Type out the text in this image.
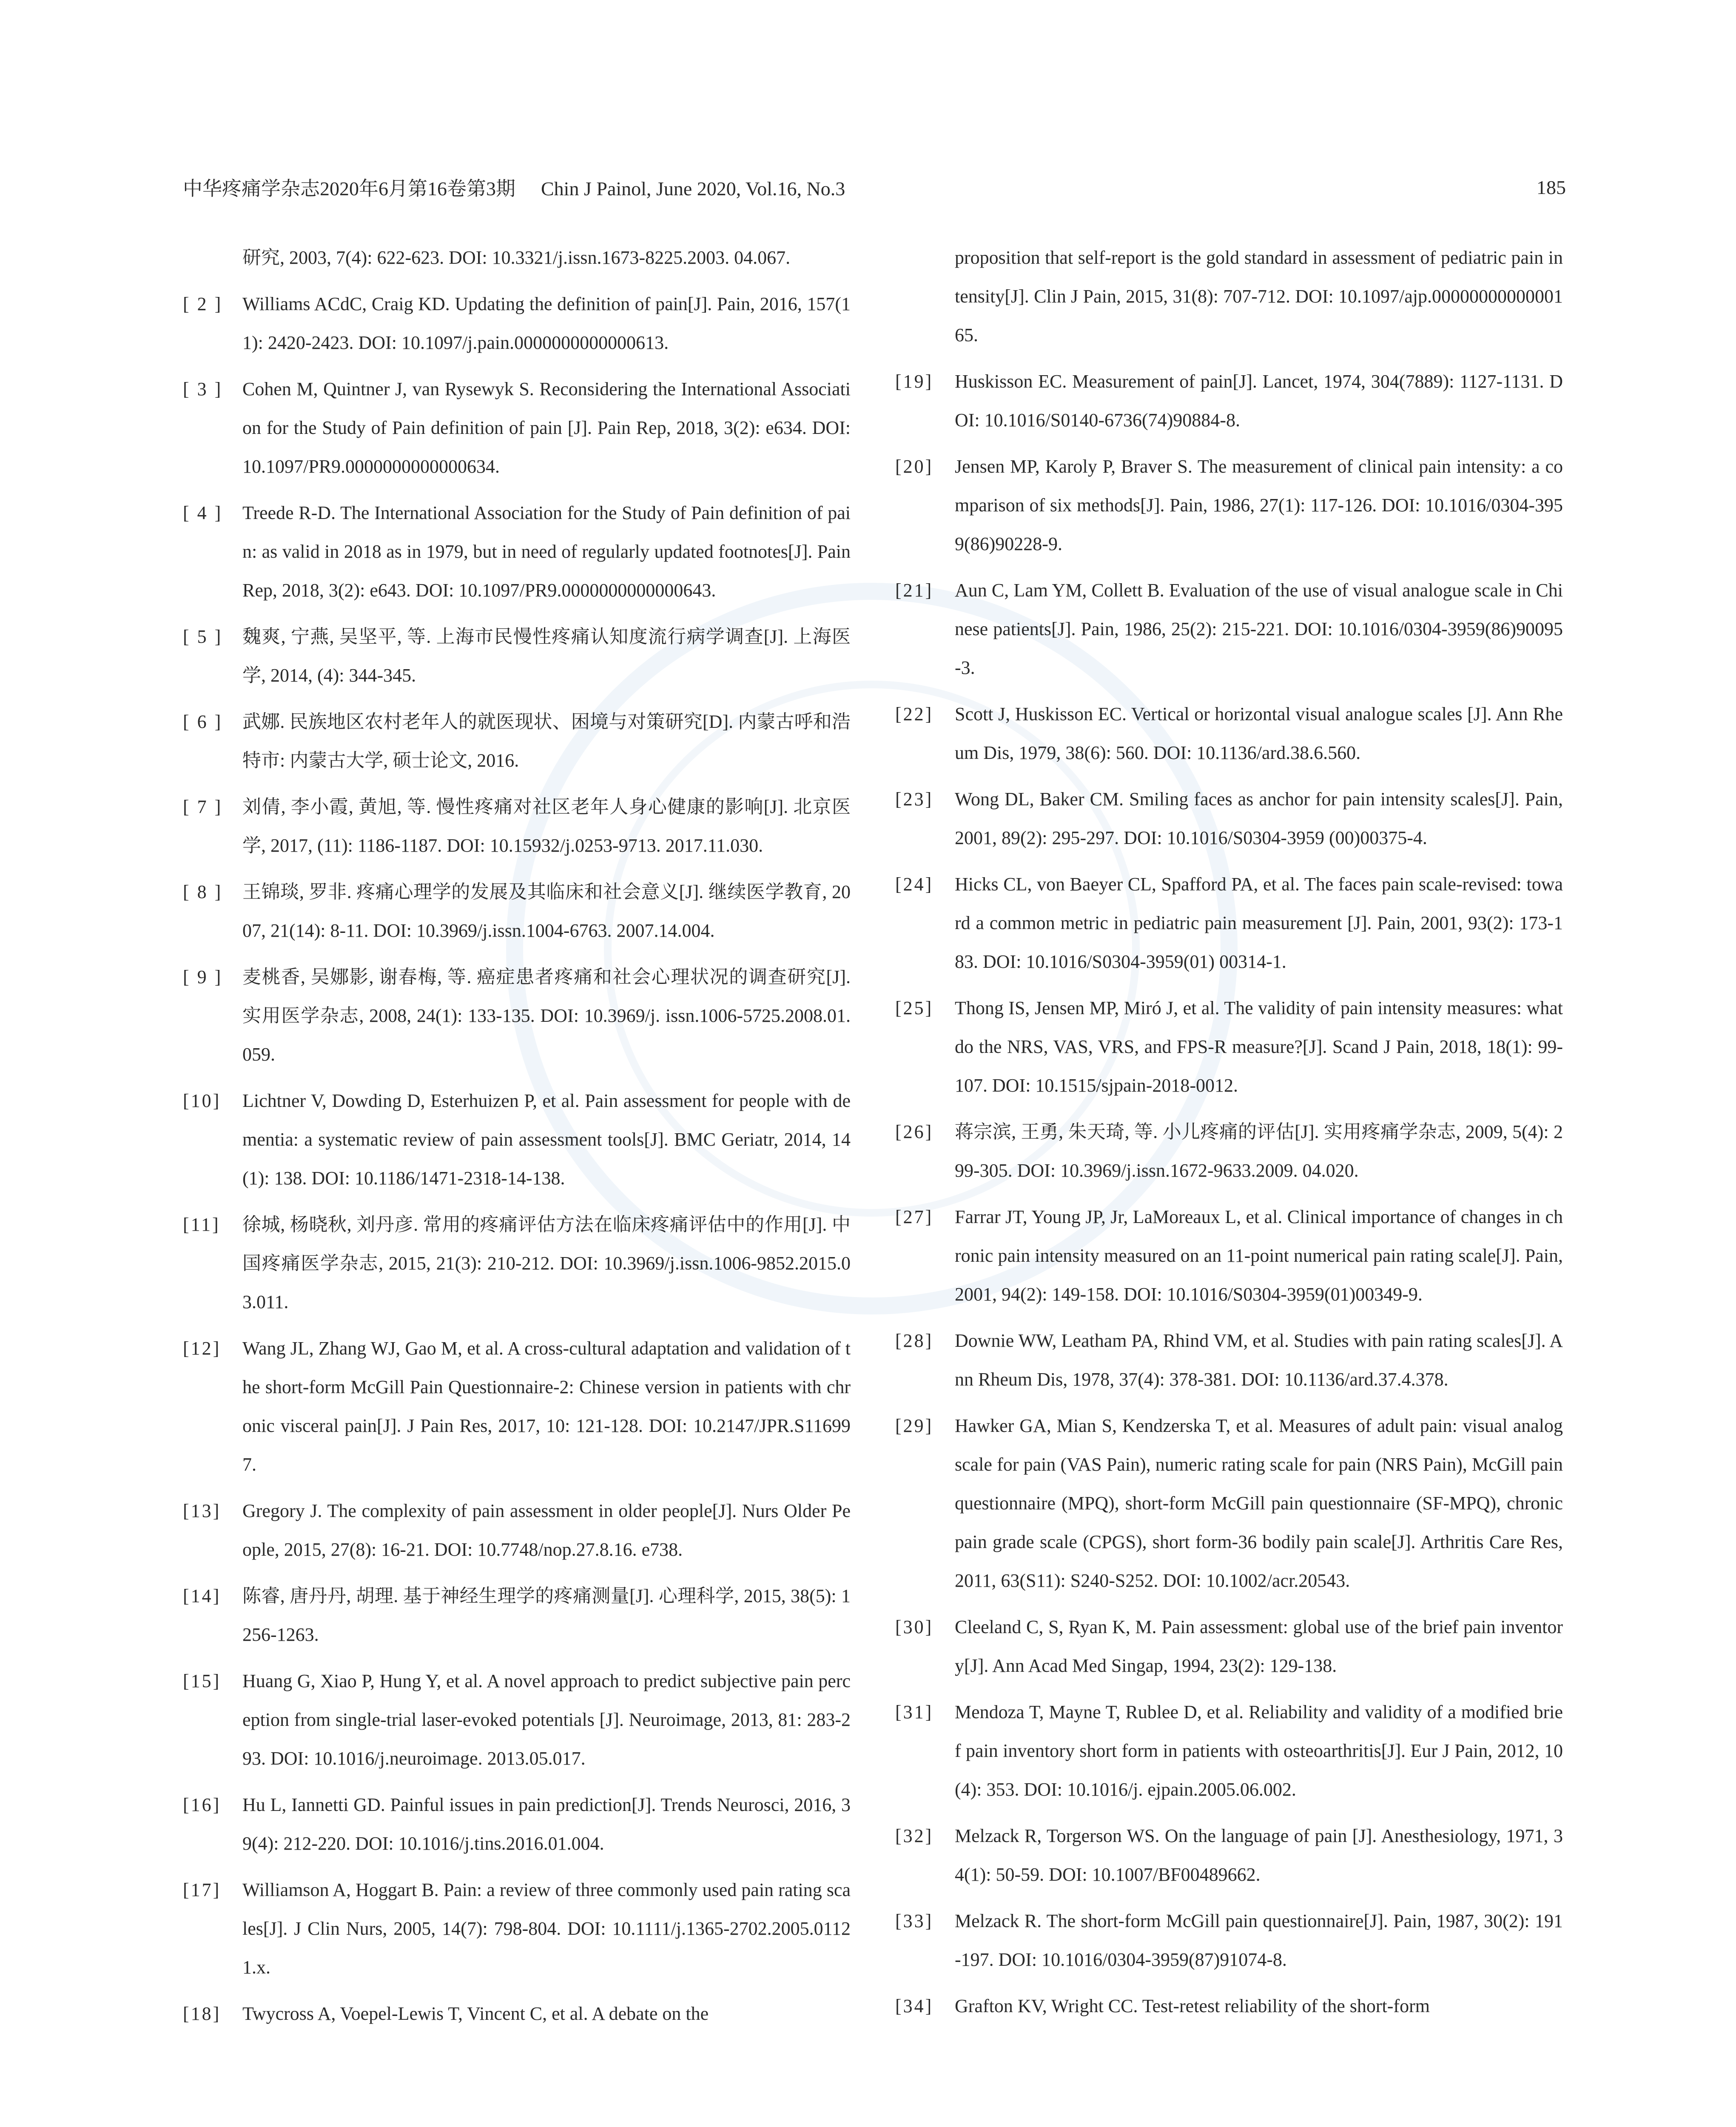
中华疼痛学杂志2020年6月第16卷第3期 Chin J Painol, June 2020, Vol.16, No.3	185
研究, 2003, 7(4): 622-623. DOI: 10.3321/j.issn.1673-8225.2003. 04.067.
[ 2 ]	Williams ACdC, Craig KD. Updating the definition of pain[J]. Pain, 2016, 157(11): 2420-2423. DOI: 10.1097/j.pain.0000000000000613.
[ 3 ]	Cohen M, Quintner J, van Rysewyk S. Reconsidering the International Association for the Study of Pain definition of pain [J]. Pain Rep, 2018, 3(2): e634. DOI: 10.1097/PR9.0000000000000634.
[ 4 ]	Treede R-D. The International Association for the Study of Pain definition of pain: as valid in 2018 as in 1979, but in need of regularly updated footnotes[J]. Pain Rep, 2018, 3(2): e643. DOI: 10.1097/PR9.0000000000000643.
[ 5 ]	魏爽, 宁燕, 吴坚平, 等. 上海市民慢性疼痛认知度流行病学调查[J]. 上海医学, 2014, (4): 344-345.
[ 6 ]	武娜. 民族地区农村老年人的就医现状、困境与对策研究[D]. 内蒙古呼和浩特市: 内蒙古大学, 硕士论文, 2016.
[ 7 ]	刘倩, 李小霞, 黄旭, 等. 慢性疼痛对社区老年人身心健康的影响[J]. 北京医学, 2017, (11): 1186-1187. DOI: 10.15932/j.0253-9713. 2017.11.030.
[ 8 ]	王锦琰, 罗非. 疼痛心理学的发展及其临床和社会意义[J]. 继续医学教育, 2007, 21(14): 8-11. DOI: 10.3969/j.issn.1004-6763. 2007.14.004.
[ 9 ]	麦桃香, 吴娜影, 谢春梅, 等. 癌症患者疼痛和社会心理状况的调查研究[J]. 实用医学杂志, 2008, 24(1): 133-135. DOI: 10.3969/j. issn.1006-5725.2008.01.059.
[10]	Lichtner V, Dowding D, Esterhuizen P, et al. Pain assessment for people with dementia: a systematic review of pain assessment tools[J]. BMC Geriatr, 2014, 14(1): 138. DOI: 10.1186/1471-2318-14-138.
[11]	徐城, 杨晓秋, 刘丹彦. 常用的疼痛评估方法在临床疼痛评估中的作用[J]. 中国疼痛医学杂志, 2015, 21(3): 210-212. DOI: 10.3969/j.issn.1006-9852.2015.03.011.
[12]	Wang JL, Zhang WJ, Gao M, et al. A cross-cultural adaptation and validation of the short-form McGill Pain Questionnaire-2: Chinese version in patients with chronic visceral pain[J]. J Pain Res, 2017, 10: 121-128. DOI: 10.2147/JPR.S116997.
[13]	Gregory J. The complexity of pain assessment in older people[J]. Nurs Older People, 2015, 27(8): 16-21. DOI: 10.7748/nop.27.8.16. e738.
[14]	陈睿, 唐丹丹, 胡理. 基于神经生理学的疼痛测量[J]. 心理科学, 2015, 38(5): 1256-1263.
[15]	Huang G, Xiao P, Hung Y, et al. A novel approach to predict subjective pain perception from single-trial laser-evoked potentials [J]. Neuroimage, 2013, 81: 283-293. DOI: 10.1016/j.neuroimage. 2013.05.017.
[16]	Hu L, Iannetti GD. Painful issues in pain prediction[J]. Trends Neurosci, 2016, 39(4): 212-220. DOI: 10.1016/j.tins.2016.01.004.
[17]	Williamson A, Hoggart B. Pain: a review of three commonly used pain rating scales[J]. J Clin Nurs, 2005, 14(7): 798-804. DOI: 10.1111/j.1365-2702.2005.01121.x.
[18]	Twycross A, Voepel-Lewis T, Vincent C, et al. A debate on the
proposition that self-report is the gold standard in assessment of pediatric pain intensity[J]. Clin J Pain, 2015, 31(8): 707-712. DOI: 10.1097/ajp.0000000000000165.
[19]	Huskisson EC. Measurement of pain[J]. Lancet, 1974, 304(7889): 1127-1131. DOI: 10.1016/S0140-6736(74)90884-8.
[20]	Jensen MP, Karoly P, Braver S. The measurement of clinical pain intensity: a comparison of six methods[J]. Pain, 1986, 27(1): 117-126. DOI: 10.1016/0304-3959(86)90228-9.
[21]	Aun C, Lam YM, Collett B. Evaluation of the use of visual analogue scale in Chinese patients[J]. Pain, 1986, 25(2): 215-221. DOI: 10.1016/0304-3959(86)90095-3.
[22]	Scott J, Huskisson EC. Vertical or horizontal visual analogue scales [J]. Ann Rheum Dis, 1979, 38(6): 560. DOI: 10.1136/ard.38.6.560.
[23]	Wong DL, Baker CM. Smiling faces as anchor for pain intensity scales[J]. Pain, 2001, 89(2): 295-297. DOI: 10.1016/S0304-3959 (00)00375-4.
[24]	Hicks CL, von Baeyer CL, Spafford PA, et al. The faces pain scale-revised: toward a common metric in pediatric pain measurement [J]. Pain, 2001, 93(2): 173-183. DOI: 10.1016/S0304-3959(01) 00314-1.
[25]	Thong IS, Jensen MP, Miró J, et al. The validity of pain intensity measures: what do the NRS, VAS, VRS, and FPS-R measure?[J]. Scand J Pain, 2018, 18(1): 99-107. DOI: 10.1515/sjpain-2018-0012.
[26]	蒋宗滨, 王勇, 朱天琦, 等. 小儿疼痛的评估[J]. 实用疼痛学杂志, 2009, 5(4): 299-305. DOI: 10.3969/j.issn.1672-9633.2009. 04.020.
[27]	Farrar JT, Young JP, Jr, LaMoreaux L, et al. Clinical importance of changes in chronic pain intensity measured on an 11-point numerical pain rating scale[J]. Pain, 2001, 94(2): 149-158. DOI: 10.1016/S0304-3959(01)00349-9.
[28]	Downie WW, Leatham PA, Rhind VM, et al. Studies with pain rating scales[J]. Ann Rheum Dis, 1978, 37(4): 378-381. DOI: 10.1136/ard.37.4.378.
[29]	Hawker GA, Mian S, Kendzerska T, et al. Measures of adult pain: visual analog scale for pain (VAS Pain), numeric rating scale for pain (NRS Pain), McGill pain questionnaire (MPQ), short-form McGill pain questionnaire (SF-MPQ), chronic pain grade scale (CPGS), short form-36 bodily pain scale[J]. Arthritis Care Res, 2011, 63(S11): S240-S252. DOI: 10.1002/acr.20543.
[30]	Cleeland C, S, Ryan K, M. Pain assessment: global use of the brief pain inventory[J]. Ann Acad Med Singap, 1994, 23(2): 129-138.
[31]	Mendoza T, Mayne T, Rublee D, et al. Reliability and validity of a modified brief pain inventory short form in patients with osteoarthritis[J]. Eur J Pain, 2012, 10(4): 353. DOI: 10.1016/j. ejpain.2005.06.002.
[32]	Melzack R, Torgerson WS. On the language of pain [J]. Anesthesiology, 1971, 34(1): 50-59. DOI: 10.1007/BF00489662.
[33]	Melzack R. The short-form McGill pain questionnaire[J]. Pain, 1987, 30(2): 191-197. DOI: 10.1016/0304-3959(87)91074-8.
[34]	Grafton KV, Wright CC. Test-retest reliability of the short-form
